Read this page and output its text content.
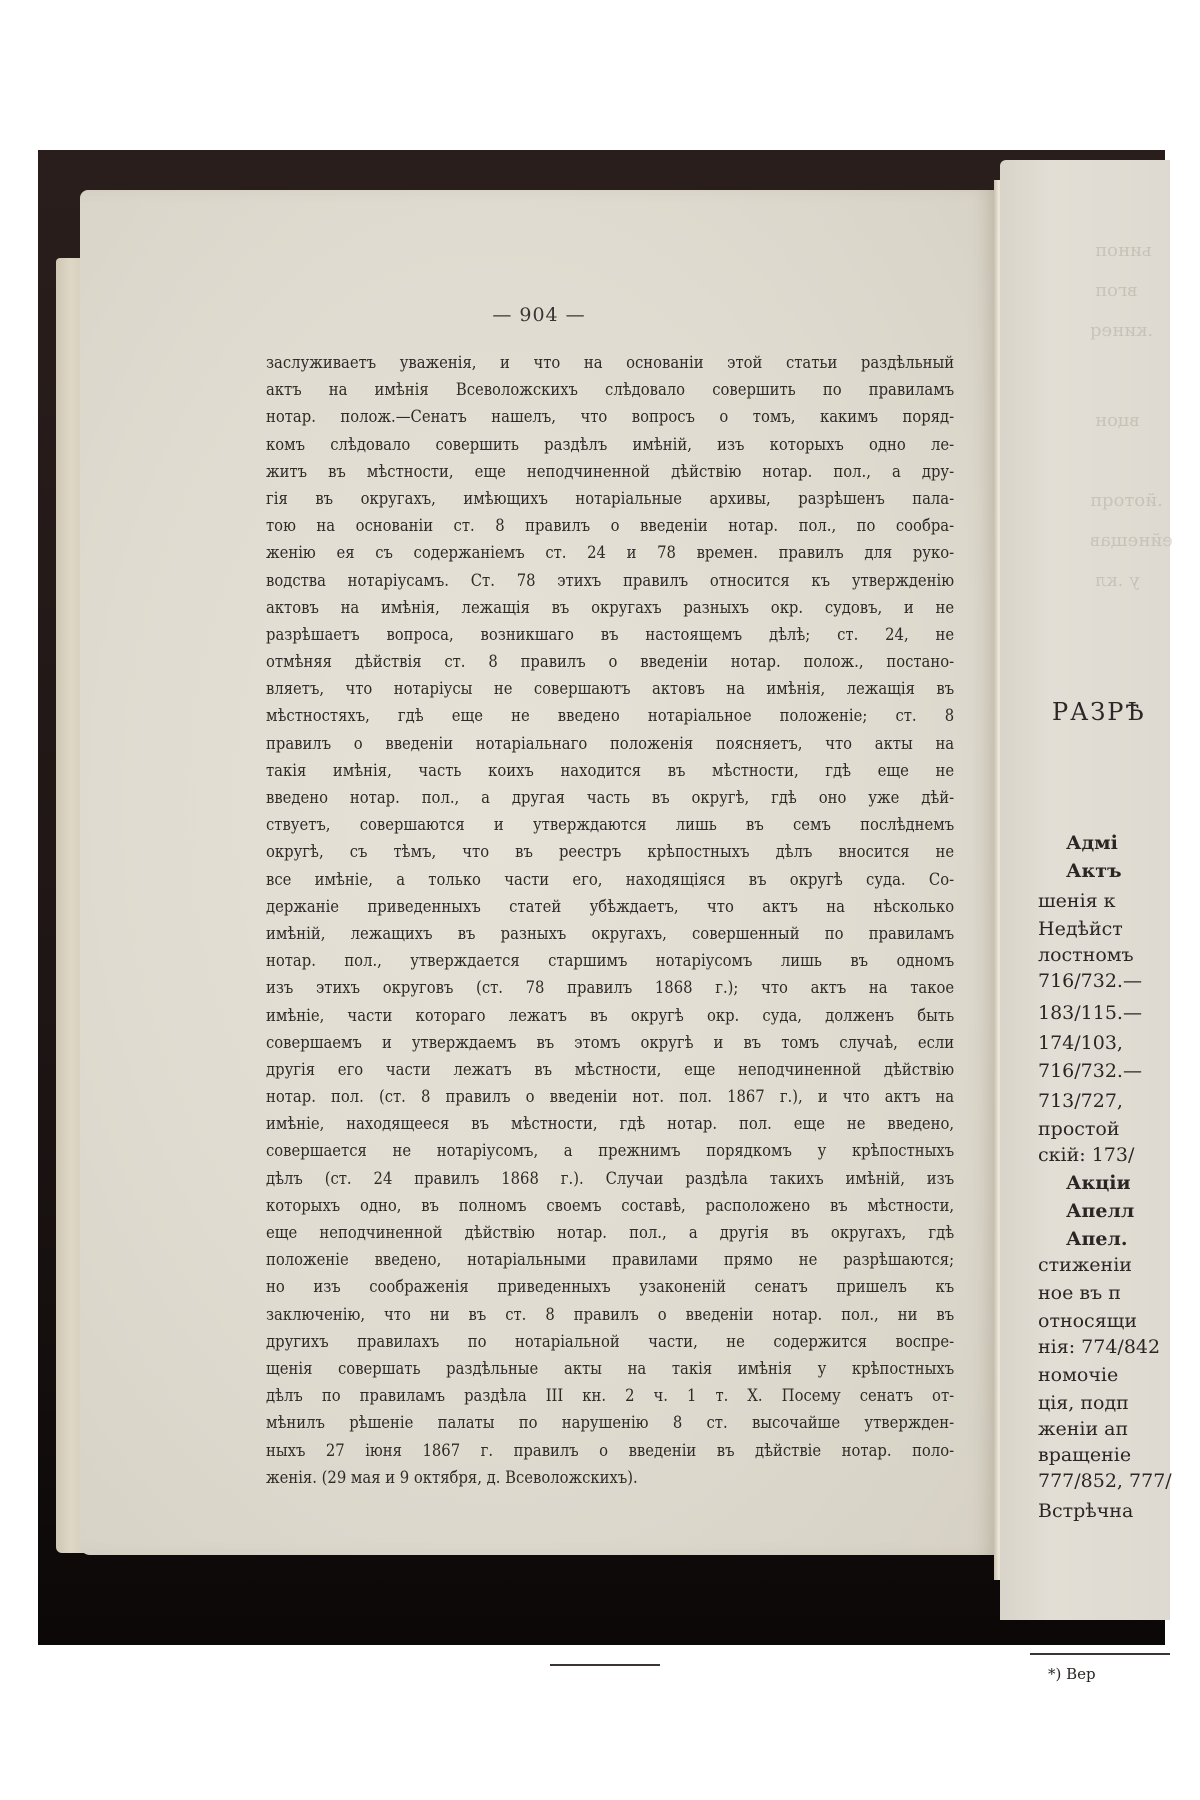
— 904 —
заслуживаетъ уваженія, и что на основаніи этой статьи раздѣльный
актъ на имѣнія Всеволожскихъ слѣдовало совершить по правиламъ
нотар. полож.—Сенатъ нашелъ, что вопросъ о томъ, какимъ поряд-
комъ слѣдовало совершить раздѣлъ имѣній, изъ которыхъ одно ле-
житъ въ мѣстности, еще неподчиненной дѣйствію нотар. пол., а дру-
гія въ округахъ, имѣющихъ нотаріальные архивы, разрѣшенъ пала-
тою на основаніи ст. 8 правилъ о введеніи нотар. пол., по сообра-
женію ея съ содержаніемъ ст. 24 и 78 времен. правилъ для руко-
водства нотаріусамъ. Ст. 78 этихъ правилъ относится къ утвержденію
актовъ на имѣнія, лежащія въ округахъ разныхъ окр. судовъ, и не
разрѣшаетъ вопроса, возникшаго въ настоящемъ дѣлѣ; ст. 24, не
отмѣняя дѣйствія ст. 8 правилъ о введеніи нотар. полож., постано-
вляетъ, что нотаріусы не совершаютъ актовъ на имѣнія, лежащія въ
мѣстностяхъ, гдѣ еще не введено нотаріальное положеніе; ст. 8
правилъ о введеніи нотаріальнаго положенія поясняетъ, что акты на
такія имѣнія, часть коихъ находится въ мѣстности, гдѣ еще не
введено нотар. пол., а другая часть въ округѣ, гдѣ оно уже дѣй-
ствуетъ, совершаются и утверждаются лишь въ семъ послѣднемъ
округѣ, съ тѣмъ, что въ реестръ крѣпостныхъ дѣлъ вносится не
все имѣніе, а только части его, находящіяся въ округѣ суда. Со-
держаніе приведенныхъ статей убѣждаетъ, что актъ на нѣсколько
имѣній, лежащихъ въ разныхъ округахъ, совершенный по правиламъ
нотар. пол., утверждается старшимъ нотаріусомъ лишь въ одномъ
изъ этихъ округовъ (ст. 78 правилъ 1868 г.); что актъ на такое
имѣніе, части котораго лежатъ въ округѣ окр. суда, долженъ быть
совершаемъ и утверждаемъ въ этомъ округѣ и въ томъ случаѣ, если
другія его части лежатъ въ мѣстности, еще неподчиненной дѣйствію
нотар. пол. (ст. 8 правилъ о введеніи нот. пол. 1867 г.), и что актъ на
имѣніе, находящееся въ мѣстности, гдѣ нотар. пол. еще не введено,
совершается не нотаріусомъ, а прежнимъ порядкомъ у крѣпостныхъ
дѣлъ (ст. 24 правилъ 1868 г.). Случаи раздѣла такихъ имѣній, изъ
которыхъ одно, въ полномъ своемъ составѣ, расположено въ мѣстности,
еще неподчиненной дѣйствію нотар. пол., а другія въ округахъ, гдѣ
положеніе введено, нотаріальными правилами прямо не разрѣшаются;
но изъ соображенія приведенныхъ узаконеній сенатъ пришелъ къ
заключенію, что ни въ ст. 8 правилъ о введеніи нотар. пол., ни въ
другихъ правилахъ по нотаріальной части, не содержится воспре-
щенія совершать раздѣльные акты на такія имѣнія у крѣпостныхъ
дѣлъ по правиламъ раздѣла III кн. 2 ч. 1 т. X. Посему сенатъ от-
мѣнилъ рѣшеніе палаты по нарушенію 8 ст. высочайше утвержден-
ныхъ 27 іюня 1867 г. правилъ о введеніи въ дѣйствіе нотар. поло-
женія. (29 мая и 9 октября, д. Всеволожскихъ).
ьиноп
вгоп
.кинеq
вцон
.йотоqп
ейнещав
у .кл
РАЗРѢ
Адмі
Актъ
шенія к
Недѣйст
лостномъ
716/732.—
183/115.—
174/103,
716/732.—
713/727,
простой
скій: 173/
Акціи
Апелл
Апел.
стиженіи
ное въ п
относящи
нія: 774/842
номочіе
ція, подп
женіи ап
вращеніе
777/852, 777/
Встрѣчна
*) Вер
